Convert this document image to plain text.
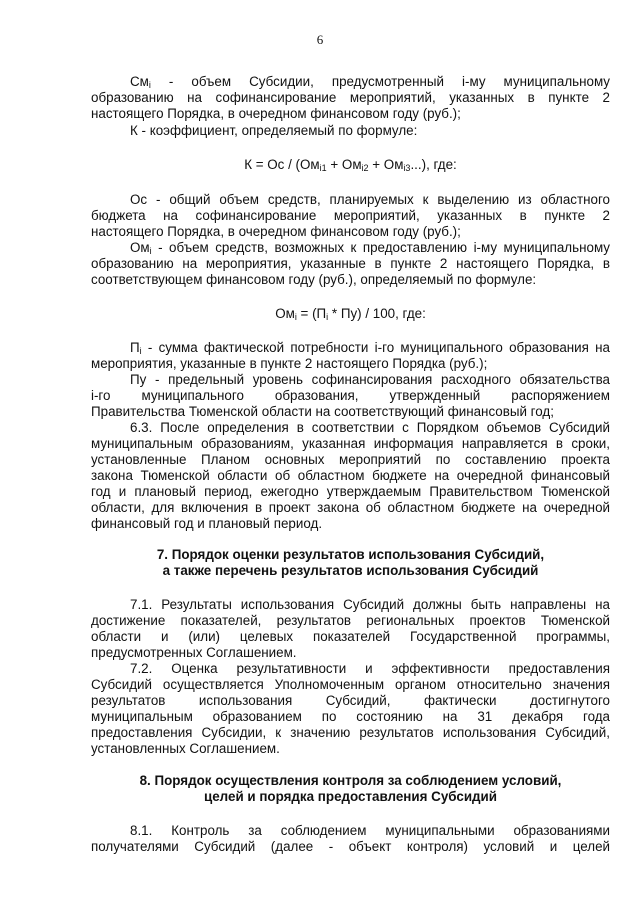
6

$Cм_i$ - объем Субсидии, предусмотренный i-му муниципальному

образованию на софинансирование мероприятий, указанных в пункте 2

настоящего Порядка, в очередном финансовом году (руб.);

К - коэффициент, определяемый по формуле:

К = Ос / $(Ом_{i1} + Ом_{i2} + Ом_{i3}...)$, где:

Ос - общий объем средств, планируемых к выделению из областного

бюджета на софинансирование мероприятий, указанных в пункте 2

настоящего Порядка, в очередном финансовом году (руб.);

$Ом_i$ - объем средств, возможных к предоставлению i-му муниципальному

образованию на мероприятия, указанные в пункте 2 настоящего Порядка, в

соответствующем финансовом году (руб.), определяемый по формуле:

$Ом_i = (П_i * Пу) / 100$, где:

$П_i$ - сумма фактической потребности i-го муниципального образования на

мероприятия, указанные в пункте 2 настоящего Порядка (руб.);

Пу - предельный уровень софинансирования расходного обязательства

i-го муниципального образования, утвержденный распоряжением

Правительства Тюменской области на соответствующий финансовый год;

6.3. После определения в соответствии с Порядком объемов Субсидий

муниципальным образованиям, указанная информация направляется в сроки,

установленные Планом основных мероприятий по составлению проекта

закона Тюменской области об областном бюджете на очередной финансовый

год и плановый период, ежегодно утверждаемым Правительством Тюменской

области, для включения в проект закона об областном бюджете на очередной

финансовый год и плановый период.

7. Порядок оценки результатов использования Субсидий,

а также перечень результатов использования Субсидий

7.1. Результаты использования Субсидий должны быть направлены на

достижение показателей, результатов региональных проектов Тюменской

области и (или) целевых показателей Государственной программы,

предусмотренных Соглашением.

7.2. Оценка результативности и эффективности предоставления

Субсидий осуществляется Уполномоченным органом относительно значения

результатов использования Субсидий, фактически достигнутого

муниципальным образованием по состоянию на 31 декабря года

предоставления Субсидии, к значению результатов использования Субсидий,

установленных Соглашением.

8. Порядок осуществления контроля за соблюдением условий,

целей и порядка предоставления Субсидий

8.1. Контроль за соблюдением муниципальными образованиями

получателями Субсидий (далее - объект контроля) условий и целей
